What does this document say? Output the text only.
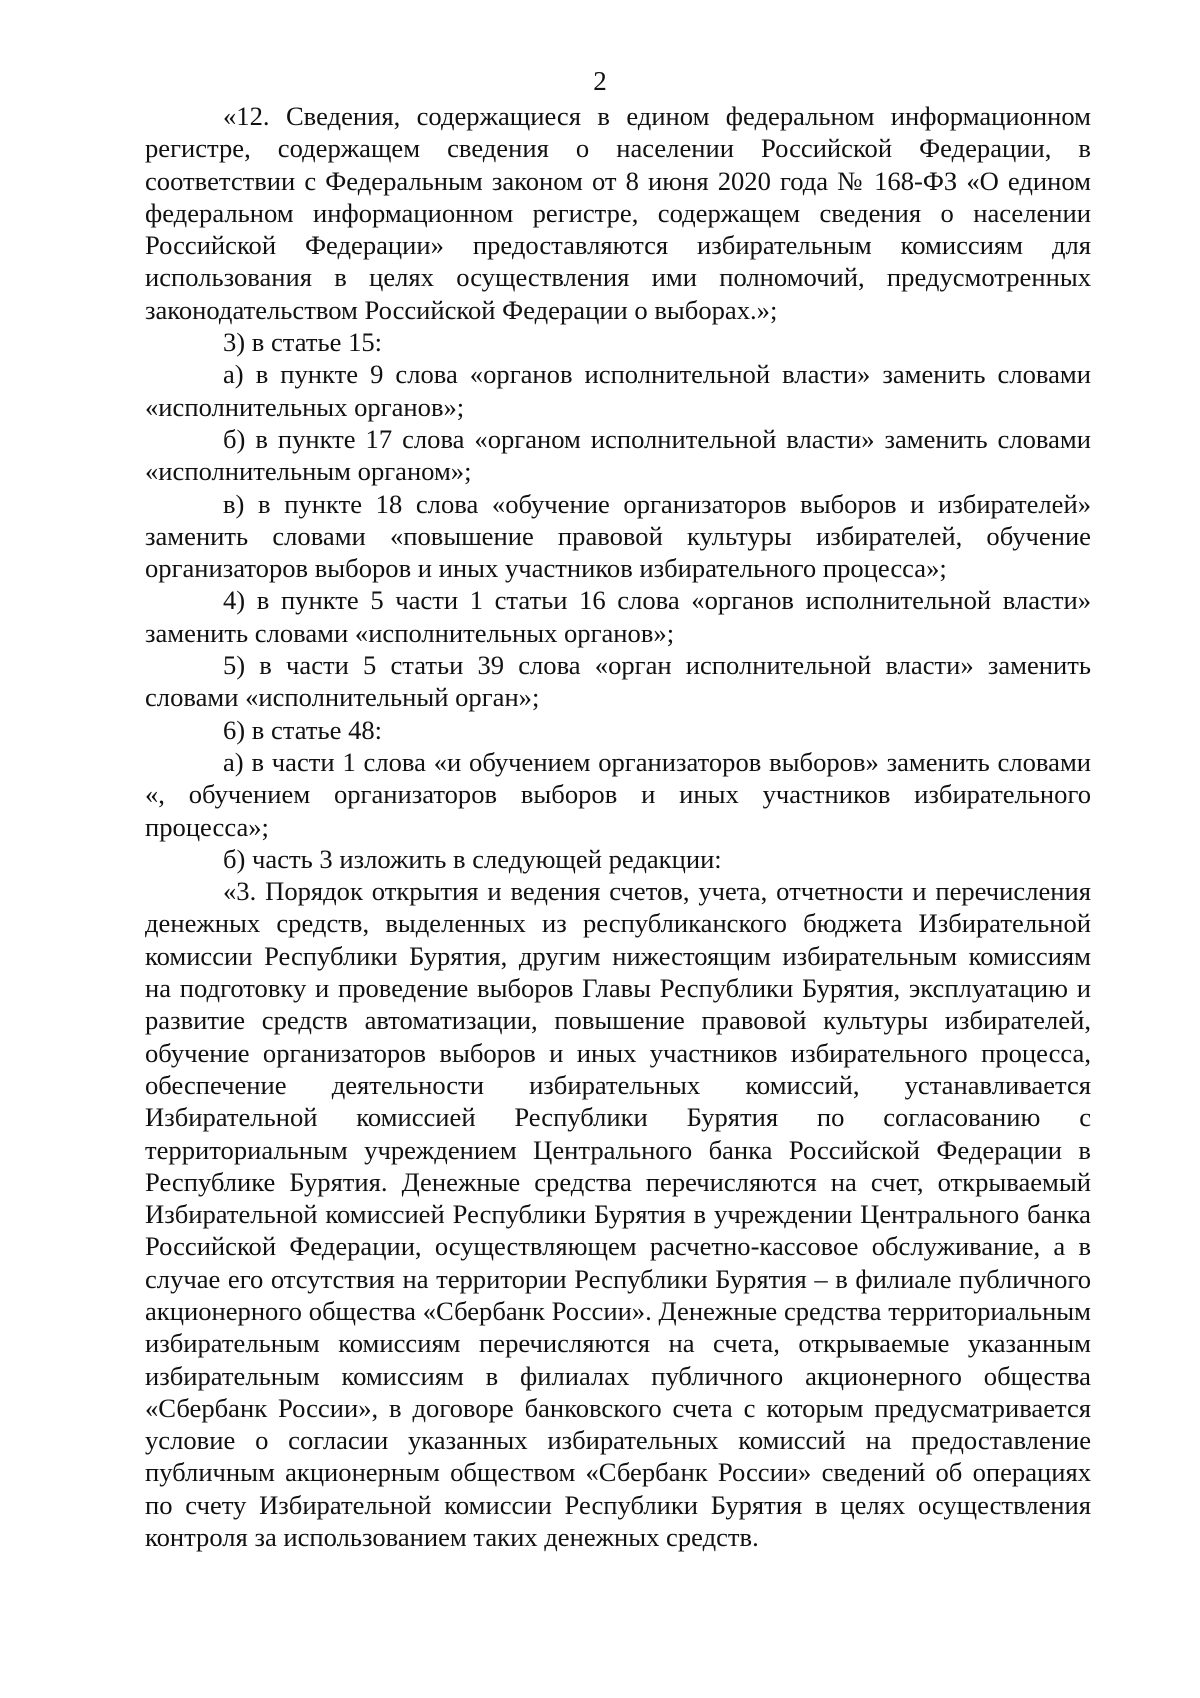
2

«12. Сведения, содержащиеся в едином федеральном информационном регистре, содержащем сведения о населении Российской Федерации, в соответствии с Федеральным законом от 8 июня 2020 года № 168-ФЗ «О едином федеральном информационном регистре, содержащем сведения о населении Российской Федерации» предоставляются избирательным комиссиям для использования в целях осуществления ими полномочий, предусмотренных законодательством Российской Федерации о выборах.»;

3) в статье 15:

а) в пункте 9 слова «органов исполнительной власти» заменить словами «исполнительных органов»;

б) в пункте 17 слова «органом исполнительной власти» заменить словами «исполнительным органом»;

в) в пункте 18 слова «обучение организаторов выборов и избирателей» заменить словами «повышение правовой культуры избирателей, обучение организаторов выборов и иных участников избирательного процесса»;

4) в пункте 5 части 1 статьи 16 слова «органов исполнительной власти» заменить словами «исполнительных органов»;

5) в части 5 статьи 39 слова «орган исполнительной власти» заменить словами «исполнительный орган»;

6) в статье 48:

а) в части 1 слова «и обучением организаторов выборов» заменить словами «, обучением организаторов выборов и иных участников избирательного процесса»;

б) часть 3 изложить в следующей редакции:

«3. Порядок открытия и ведения счетов, учета, отчетности и перечисления денежных средств, выделенных из республиканского бюджета Избирательной комиссии Республики Бурятия, другим нижестоящим избирательным комиссиям на подготовку и проведение выборов Главы Республики Бурятия, эксплуатацию и развитие средств автоматизации, повышение правовой культуры избирателей, обучение организаторов выборов и иных участников избирательного процесса, обеспечение деятельности избирательных комиссий, устанавливается Избирательной комиссией Республики Бурятия по согласованию с территориальным учреждением Центрального банка Российской Федерации в Республике Бурятия. Денежные средства перечисляются на счет, открываемый Избирательной комиссией Республики Бурятия в учреждении Центрального банка Российской Федерации, осуществляющем расчетно-кассовое обслуживание, а в случае его отсутствия на территории Республики Бурятия – в филиале публичного акционерного общества «Сбербанк России». Денежные средства территориальным избирательным комиссиям перечисляются на счета, открываемые указанным избирательным комиссиям в филиалах публичного акционерного общества «Сбербанк России», в договоре банковского счета с которым предусматривается условие о согласии указанных избирательных комиссий на предоставление публичным акционерным обществом «Сбербанк России» сведений об операциях по счету Избирательной комиссии Республики Бурятия в целях осуществления контроля за использованием таких денежных средств.
